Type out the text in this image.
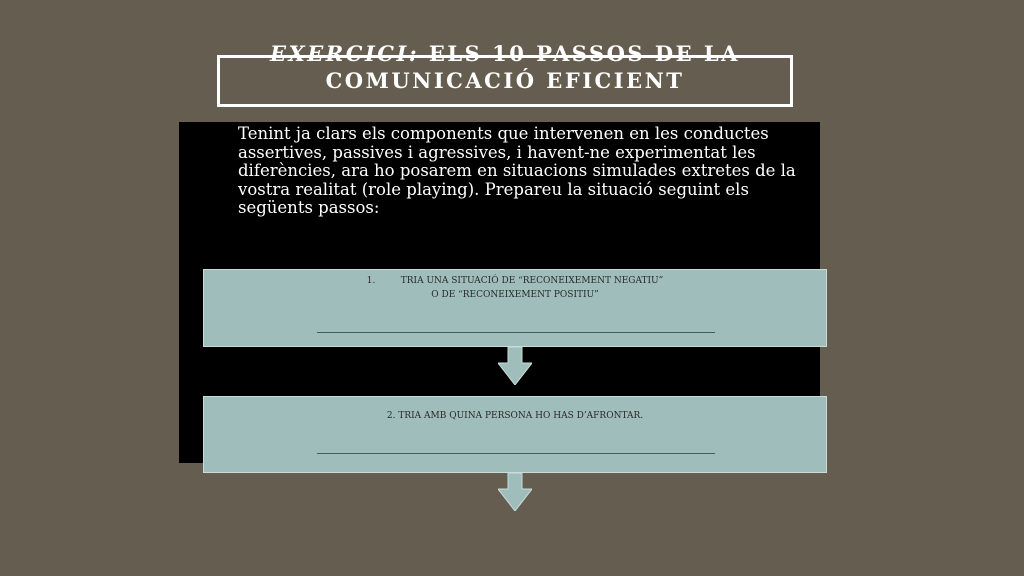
EXERCICI: ELS 10 PASSOS DE LA COMUNICACIÓ EFICIENT

Tenint ja clars els components que intervenen en les conductes assertives, passives i agressives, i havent-ne experimentat les diferències, ara ho posarem en situacions simulades extretes de la vostra realitat (role playing). Prepareu la situació seguint els següents passos:

1.	TRIA UNA SITUACIÓ DE “RECONEIXEMENT NEGATIU”
O DE “RECONEIXEMENT POSITIU”
2. TRIA AMB QUINA PERSONA HO HAS D’AFRONTAR.
